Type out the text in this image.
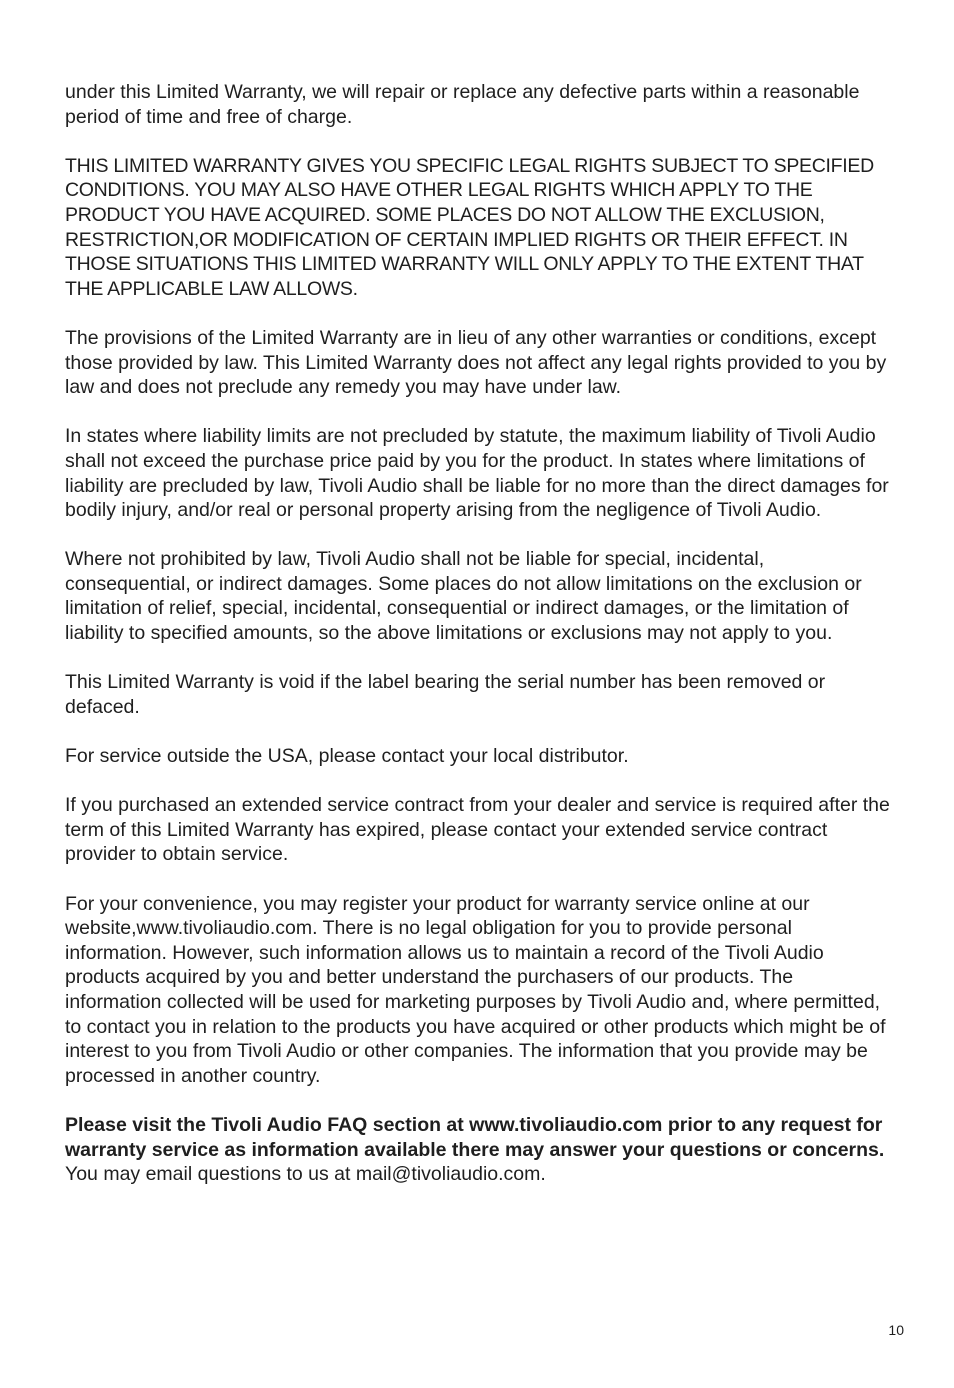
under this Limited Warranty, we will repair or replace any defective parts within a reasonable period of time and free of charge.

THIS LIMITED WARRANTY GIVES YOU SPECIFIC LEGAL RIGHTS SUBJECT TO SPECIFIED CONDITIONS. YOU MAY ALSO HAVE OTHER LEGAL RIGHTS WHICH APPLY TO THE PRODUCT YOU HAVE ACQUIRED. SOME PLACES DO NOT ALLOW THE EXCLUSION, RESTRICTION,OR MODIFICATION OF CERTAIN IMPLIED RIGHTS OR THEIR EFFECT. IN THOSE SITUATIONS THIS LIMITED WARRANTY WILL ONLY APPLY TO THE EXTENT THAT THE APPLICABLE LAW ALLOWS.

The provisions of the Limited Warranty are in lieu of any other warranties or conditions, except those provided by law. This Limited Warranty does not affect any legal rights provided to you by law and does not preclude any remedy you may have under law.

In states where liability limits are not precluded by statute, the maximum liability of Tivoli Audio shall not exceed the purchase price paid by you for the product. In states where limitations of liability are precluded by law, Tivoli Audio shall be liable for no more than the direct damages for bodily injury, and/or real or personal property arising from the negligence of Tivoli Audio.

Where not prohibited by law, Tivoli Audio shall not be liable for special, incidental, consequential, or indirect damages. Some places do not allow limitations on the exclusion or limitation of relief, special, incidental, consequential or indirect damages, or the limitation of liability to specified amounts, so the above limitations or exclusions may not apply to you.

This Limited Warranty is void if the label bearing the serial number has been removed or defaced.

For service outside the USA, please contact your local distributor.

If you purchased an extended service contract from your dealer and service is required after the term of this Limited Warranty has expired, please contact your extended service contract provider to obtain service.

For your convenience, you may register your product for warranty service online at our website,www.tivoliaudio.com. There is no legal obligation for you to provide personal information. However, such information allows us to maintain a record of the Tivoli Audio products acquired by you and better understand the purchasers of our products. The information collected will be used for marketing purposes by Tivoli Audio and, where permitted, to contact you in relation to the products you have acquired or other products which might be of interest to you from Tivoli Audio or other companies. The information that you provide may be processed in another country.

Please visit the Tivoli Audio FAQ section at www.tivoliaudio.com prior to any request for warranty service as information available there may answer your questions or concerns. You may email questions to us at mail@tivoliaudio.com.

10
